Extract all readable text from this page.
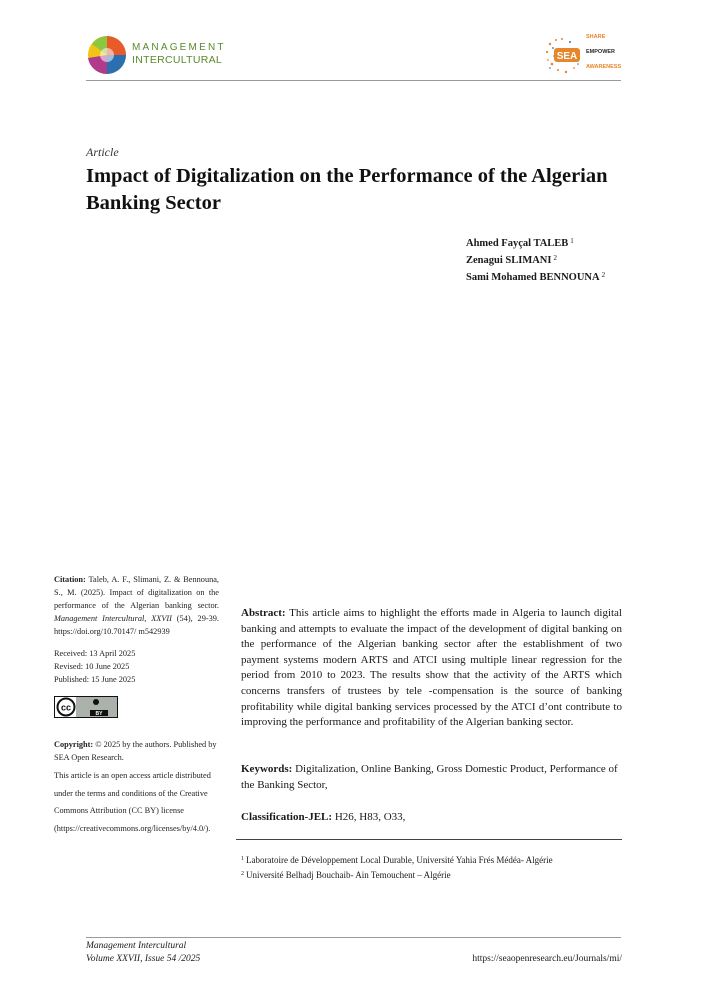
MANAGEMENT
INTERCULTURAL	SEA
SHARE
EMPOWER
AWARENESS
Article
Impact of Digitalization on the Performance of the Algerian Banking Sector
Ahmed Fayçal TALEB $^1$
Zenagui SLIMANI $^2$
Sami Mohamed BENNOUNA $^2$
Citation: Taleb, A. F., Slimani, Z. & Bennouna, S., M. (2025). Impact of digitalization on the performance of the Algerian banking sector. Management Intercultural, XXVII (54), 29-39. https://doi.org/10.70147/ m542939
Received: 13 April 2025
Revised: 10 June 2025
Published: 15 June 2025
cc
BY
Copyright: © 2025 by the authors. Published by SEA Open Research.
This article is an open access article distributed under the terms and conditions of the Creative Commons Attribution (CC BY) license (https://creativecommons.org/licenses/by/4.0/).
Abstract: This article aims to highlight the efforts made in Algeria to launch digital banking and attempts to evaluate the impact of the development of digital banking on the performance of the Algerian banking sector after the establishment of two payment systems modern ARTS and ATCI using multiple linear regression for the period from 2010 to 2023. The results show that the activity of the ARTS which concerns transfers of trustees by tele -compensation is the source of banking profitability while digital banking services processed by the ATCI d’ont contribute to improving the performance and profitability of the Algerian banking sector.
Keywords: Digitalization, Online Banking, Gross Domestic Product, Performance of the Banking Sector,
Classification-JEL: H26, H83, O33,
$^1$ Laboratoire de Développement Local Durable, Université Yahia Frés Médéa- Algérie
$^2$ Université Belhadj Bouchaib- Ain Temouchent – Algérie
Management Intercultural
Volume XXVII, Issue 54 /2025	https://seaopenresearch.eu/Journals/mi/
